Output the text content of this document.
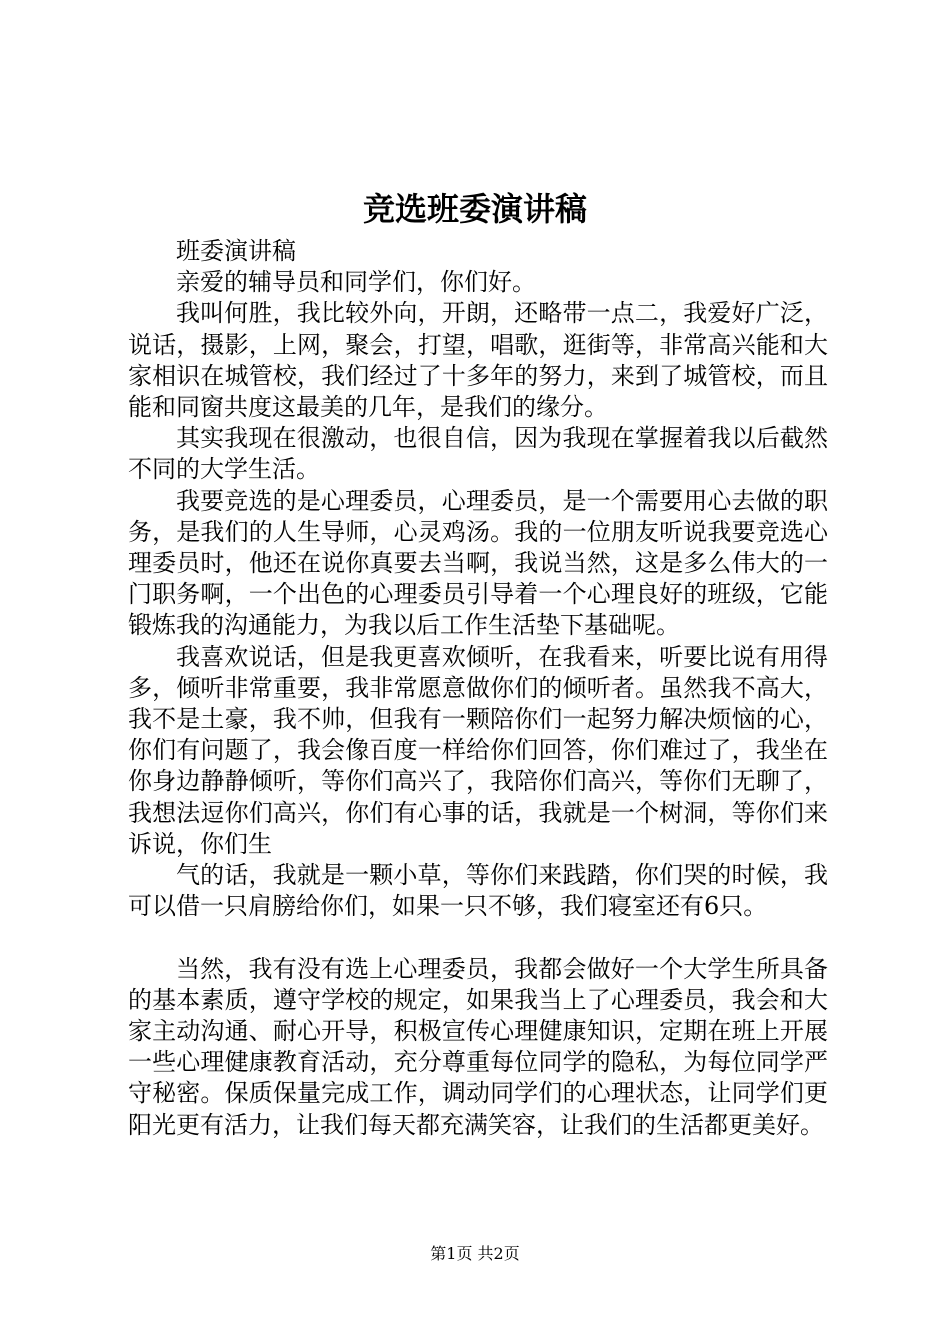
竞选班委演讲稿

班委演讲稿

亲爱的辅导员和同学们，你们好。

我叫何胜，我比较外向，开朗，还略带一点二，我爱好广泛，说话，摄影，上网，聚会，打望，唱歌，逛街等，非常高兴能和大家相识在城管校，我们经过了十多年的努力，来到了城管校，而且能和同窗共度这最美的几年，是我们的缘分。

其实我现在很激动，也很自信，因为我现在掌握着我以后截然不同的大学生活。

我要竞选的是心理委员，心理委员，是一个需要用心去做的职务，是我们的人生导师，心灵鸡汤。我的一位朋友听说我要竞选心理委员时，他还在说你真要去当啊，我说当然，这是多么伟大的一门职务啊，一个出色的心理委员引导着一个心理良好的班级，它能锻炼我的沟通能力，为我以后工作生活垫下基础呢。

我喜欢说话，但是我更喜欢倾听，在我看来，听要比说有用得多，倾听非常重要，我非常愿意做你们的倾听者。虽然我不高大，我不是土豪，我不帅，但我有一颗陪你们一起努力解决烦恼的心，你们有问题了，我会像百度一样给你们回答，你们难过了，我坐在你身边静静倾听，等你们高兴了，我陪你们高兴，等你们无聊了，我想法逗你们高兴，你们有心事的话，我就是一个树洞，等你们来诉说，你们生

气的话，我就是一颗小草，等你们来践踏，你们哭的时候，我可以借一只肩膀给你们，如果一只不够，我们寝室还有6只。

当然，我有没有选上心理委员，我都会做好一个大学生所具备的基本素质，遵守学校的规定，如果我当上了心理委员，我会和大家主动沟通、耐心开导，积极宣传心理健康知识，定期在班上开展一些心理健康教育活动，充分尊重每位同学的隐私，为每位同学严守秘密。保质保量完成工作，调动同学们的心理状态，让同学们更阳光更有活力，让我们每天都充满笑容，让我们的生活都更美好。

第1页 共2页
